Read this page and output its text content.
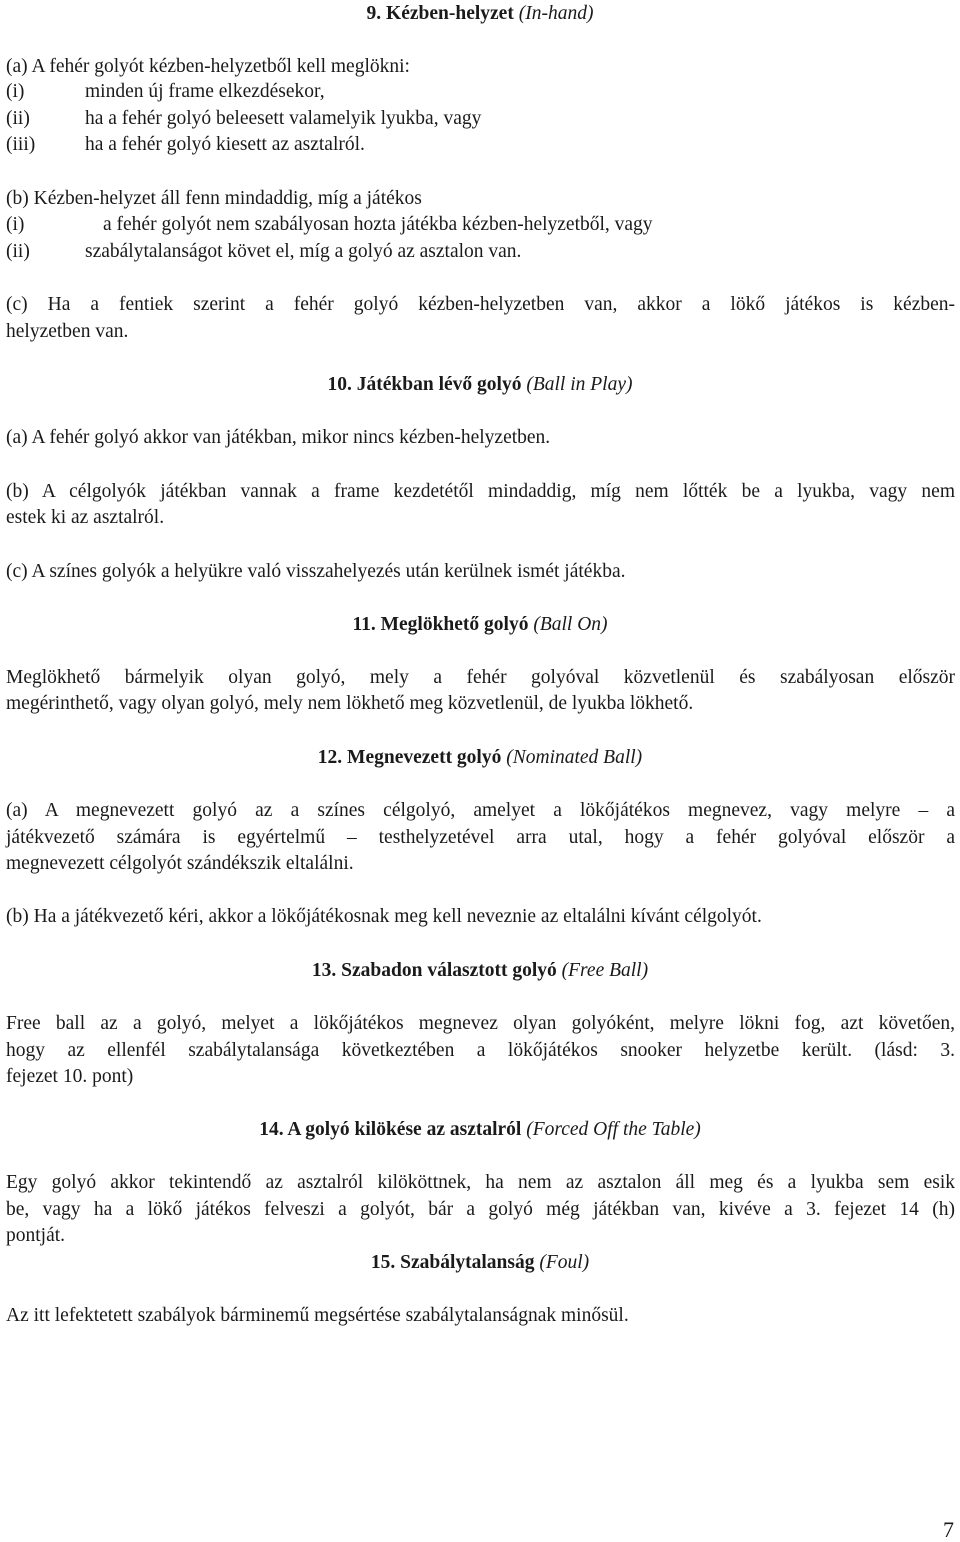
9. Kézben-helyzet (In-hand)
(a) A fehér golyót kézben-helyzetből kell meglökni:
(i)	minden új frame elkezdésekor,
(ii)	ha a fehér golyó beleesett valamelyik lyukba, vagy
(iii)	ha a fehér golyó kiesett az asztalról.
(b) Kézben-helyzet áll fenn mindaddig, míg a játékos
(i)	a fehér golyót nem szabályosan hozta játékba kézben-helyzetből, vagy
(ii)	szabálytalanságot követ el, míg a golyó az asztalon van.
(c) Ha a fentiek szerint a fehér golyó kézben-helyzetben van, akkor a lökő játékos is kézben-
helyzetben van.
10. Játékban lévő golyó (Ball in Play)
(a) A fehér golyó akkor van játékban, mikor nincs kézben-helyzetben.
(b) A célgolyók játékban vannak a frame kezdetétől mindaddig, míg nem lőtték be a lyukba, vagy nem
estek ki az asztalról.
(c) A színes golyók a helyükre való visszahelyezés után kerülnek ismét játékba.
11. Meglökhető golyó (Ball On)
Meglökhető bármelyik olyan golyó, mely a fehér golyóval közvetlenül és szabályosan először
megérinthető, vagy olyan golyó, mely nem lökhető meg közvetlenül, de lyukba lökhető.
12. Megnevezett golyó (Nominated Ball)
(a) A megnevezett golyó az a színes célgolyó, amelyet a lökőjátékos megnevez, vagy melyre – a
játékvezető számára is egyértelmű – testhelyzetével arra utal, hogy a fehér golyóval először a
megnevezett célgolyót szándékszik eltalálni.
(b) Ha a játékvezető kéri, akkor a lökőjátékosnak meg kell neveznie az eltalálni kívánt célgolyót.
13. Szabadon választott golyó (Free Ball)
Free ball az a golyó, melyet a lökőjátékos megnevez olyan golyóként, melyre lökni fog, azt követően,
hogy az ellenfél szabálytalansága következtében a lökőjátékos snooker helyzetbe került. (lásd: 3.
fejezet 10. pont)
14. A golyó kilökése az asztalról (Forced Off the Table)
Egy golyó akkor tekintendő az asztalról kilököttnek, ha nem az asztalon áll meg és a lyukba sem esik
be, vagy ha a lökő játékos felveszi a golyót, bár a golyó még játékban van, kivéve a 3. fejezet 14 (h)
pontját.
15. Szabálytalanság (Foul)
Az itt lefektetett szabályok bárminemű megsértése szabálytalanságnak minősül.
7
